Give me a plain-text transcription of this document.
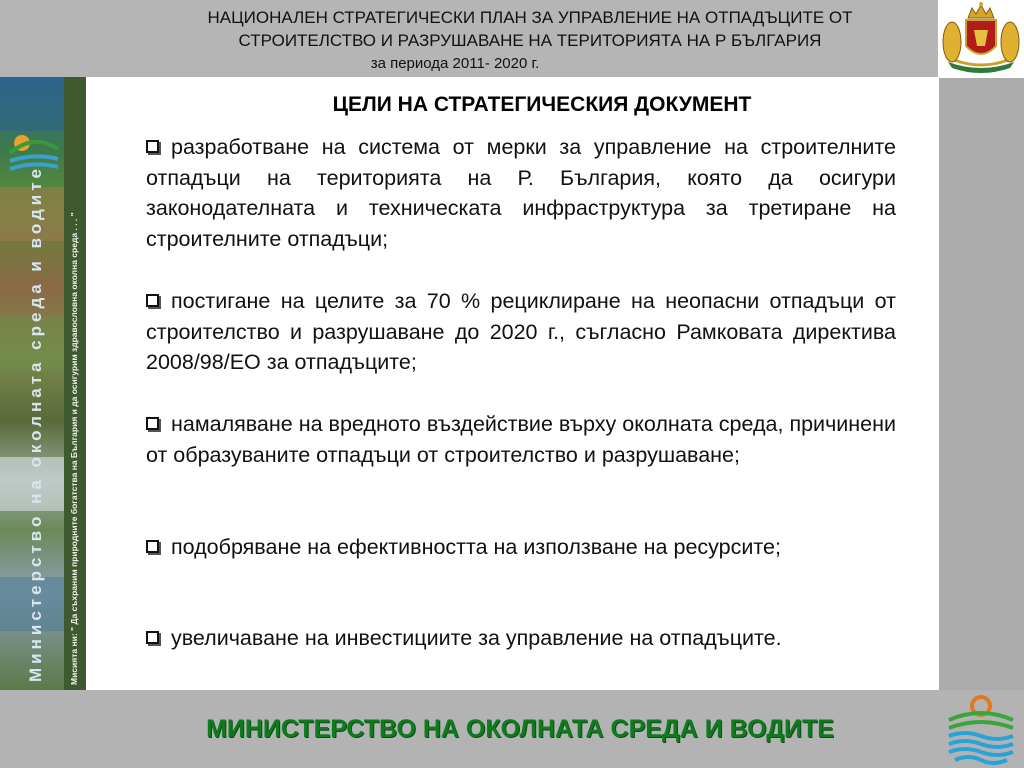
НАЦИОНАЛЕН СТРАТЕГИЧЕСКИ ПЛАН ЗА УПРАВЛЕНИЕ НА ОТПАДЪЦИТЕ ОТ
СТРОИТЕЛСТВО И РАЗРУШАВАНЕ НА ТЕРИТОРИЯТА НА Р БЪЛГАРИЯ
за периода 2011- 2020 г.
Министерство на околната среда и водите	Мисията ни: " Да съхраним природните богатства на България и да осигурим здравословна околна среда . . . "
ЦЕЛИ НА СТРАТЕГИЧЕСКИЯ ДОКУМЕНТ
разработване на система от мерки за управление на строителните отпадъци на територията на Р. България, която да осигури законодателната и техническата инфраструктура за третиране на строителните отпадъци;
постигане на целите за 70 % рециклиране на неопасни отпадъци от строителство и разрушаване до 2020 г., съгласно Рамковата директива 2008/98/ЕО за отпадъците;
намаляване на вредното въздействие върху околната среда, причинени от образуваните отпадъци от строителство и разрушаване;
подобряване на ефективността на използване на ресурсите;
увеличаване на инвестициите за управление на отпадъците.
МИНИСТЕРСТВО НА ОКОЛНАТА СРЕДА И ВОДИТЕ
